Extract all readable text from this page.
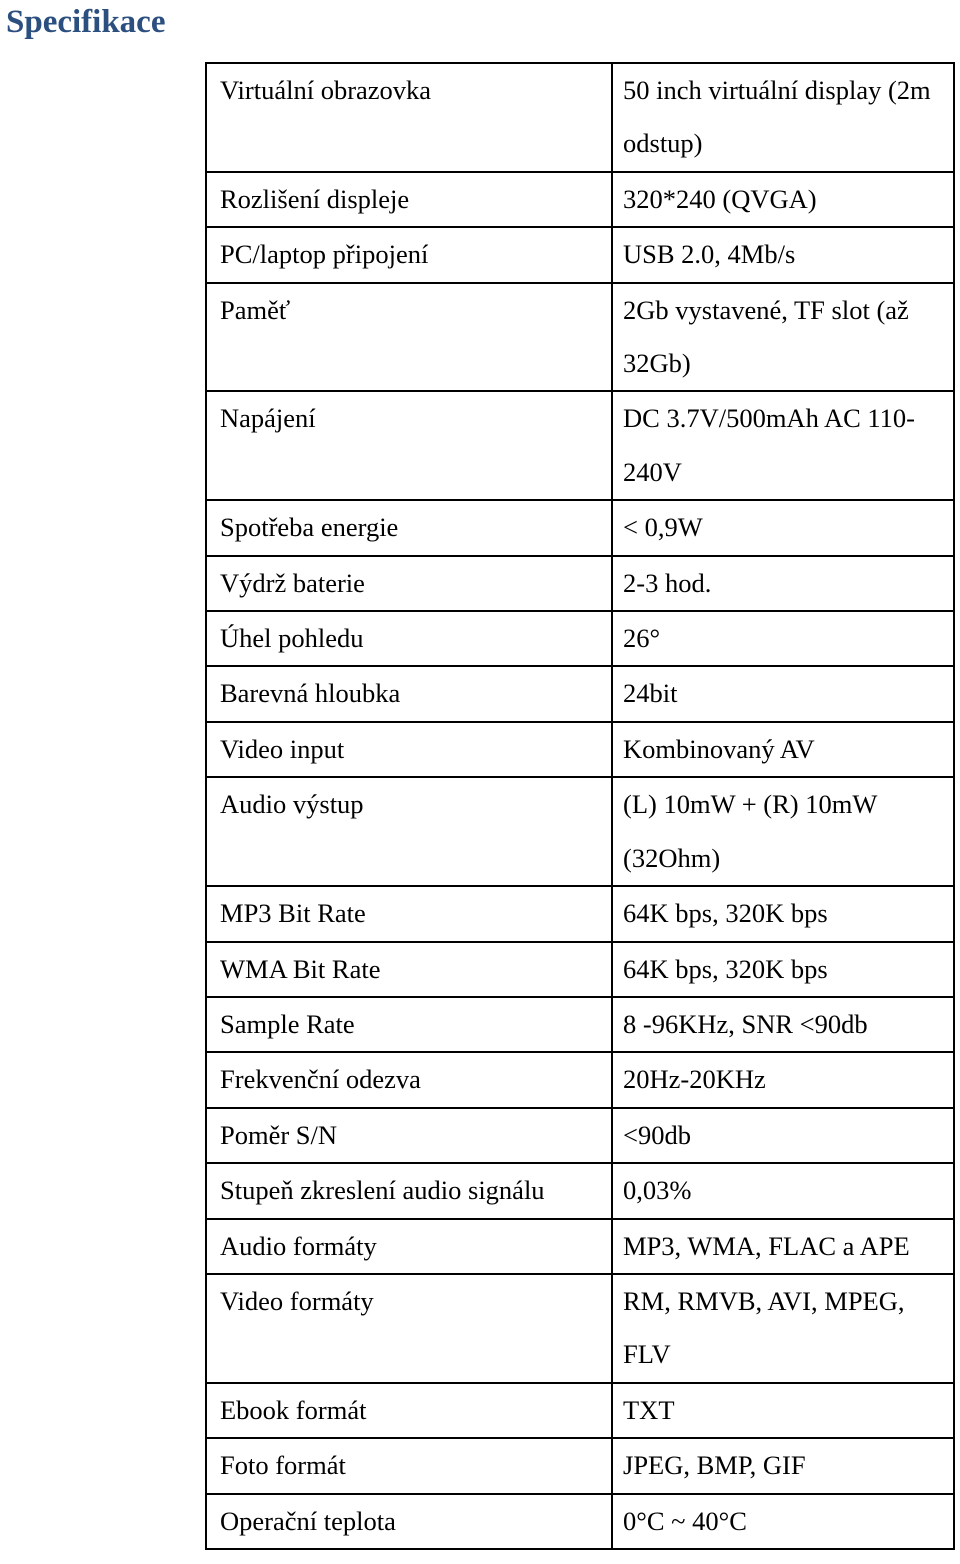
Specifikace
Virtuální obrazovka	50 inch virtuální display (2m odstup)
Rozlišení displeje	320*240 (QVGA)
PC/laptop připojení	USB 2.0, 4Mb/s
Paměť	2Gb vystavené, TF slot (až 32Gb)
Napájení	DC 3.7V/500mAh AC 110-240V
Spotřeba energie	< 0,9W
Výdrž baterie	2-3 hod.
Úhel pohledu	26°
Barevná hloubka	24bit
Video input	Kombinovaný AV
Audio výstup	(L) 10mW + (R) 10mW (32Ohm)
MP3 Bit Rate	64K bps, 320K bps
WMA Bit Rate	64K bps, 320K bps
Sample Rate	8 -96KHz, SNR <90db
Frekvenční odezva	20Hz-20KHz
Poměr S/N	<90db
Stupeň zkreslení audio signálu	0,03%
Audio formáty	MP3, WMA, FLAC a APE
Video formáty	RM, RMVB, AVI, MPEG, FLV
Ebook formát	TXT
Foto formát	JPEG, BMP, GIF
Operační teplota	0°C ~ 40°C
